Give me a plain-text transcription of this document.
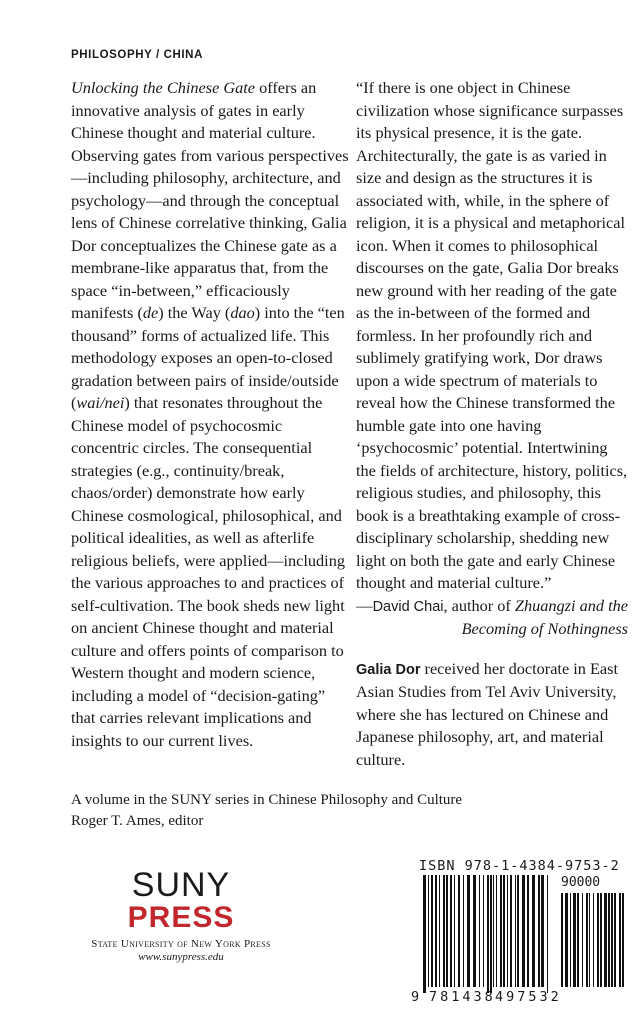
PHILOSOPHY / CHINA

Unlocking the Chinese Gate offers an innovative analysis of gates in early Chinese thought and material culture. Observing gates from various perspectives—including philosophy, architecture, and psychology—and through the conceptual lens of Chinese correlative thinking, Galia Dor conceptualizes the Chinese gate as a membrane-like apparatus that, from the space “in-between,” efficaciously manifests (de) the Way (dao) into the “ten thousand” forms of actualized life. This methodology exposes an open-to-closed gradation between pairs of inside/outside (wai/nei) that resonates throughout the Chinese model of psychocosmic concentric circles. The consequential strategies (e.g., continuity/break, chaos/order) demonstrate how early Chinese cosmological, philosophical, and political idealities, as well as afterlife religious beliefs, were applied—including the various approaches to and practices of self-cultivation. The book sheds new light on ancient Chinese thought and material culture and offers points of comparison to Western thought and modern science, including a model of “decision-gating” that carries relevant implications and insights to our current lives.

“If there is one object in Chinese civilization whose significance surpasses its physical presence, it is the gate. Architecturally, the gate is as varied in size and design as the structures it is associated with, while, in the sphere of religion, it is a physical and metaphorical icon. When it comes to philosophical discourses on the gate, Galia Dor breaks new ground with her reading of the gate as the in-between of the formed and formless. In her profoundly rich and sublimely gratifying work, Dor draws upon a wide spectrum of materials to reveal how the Chinese transformed the humble gate into one having ‘psychocosmic’ potential. Intertwining the fields of architecture, history, politics, religious studies, and philosophy, this book is a breathtaking example of cross-disciplinary scholarship, shedding new light on both the gate and early Chinese thought and material culture.”

—David Chai, author of Zhuangzi and the Becoming of Nothingness

Galia Dor received her doctorate in East Asian Studies from Tel Aviv University, where she has lectured on Chinese and Japanese philosophy, art, and material culture.

A volume in the SUNY series in Chinese Philosophy and Culture
Roger T. Ames, editor
SUNY
PRESS
State University of New York Press
www.sunypress.edu
ISBN 978-1-4384-9753-2
90000
9 781438 497532
